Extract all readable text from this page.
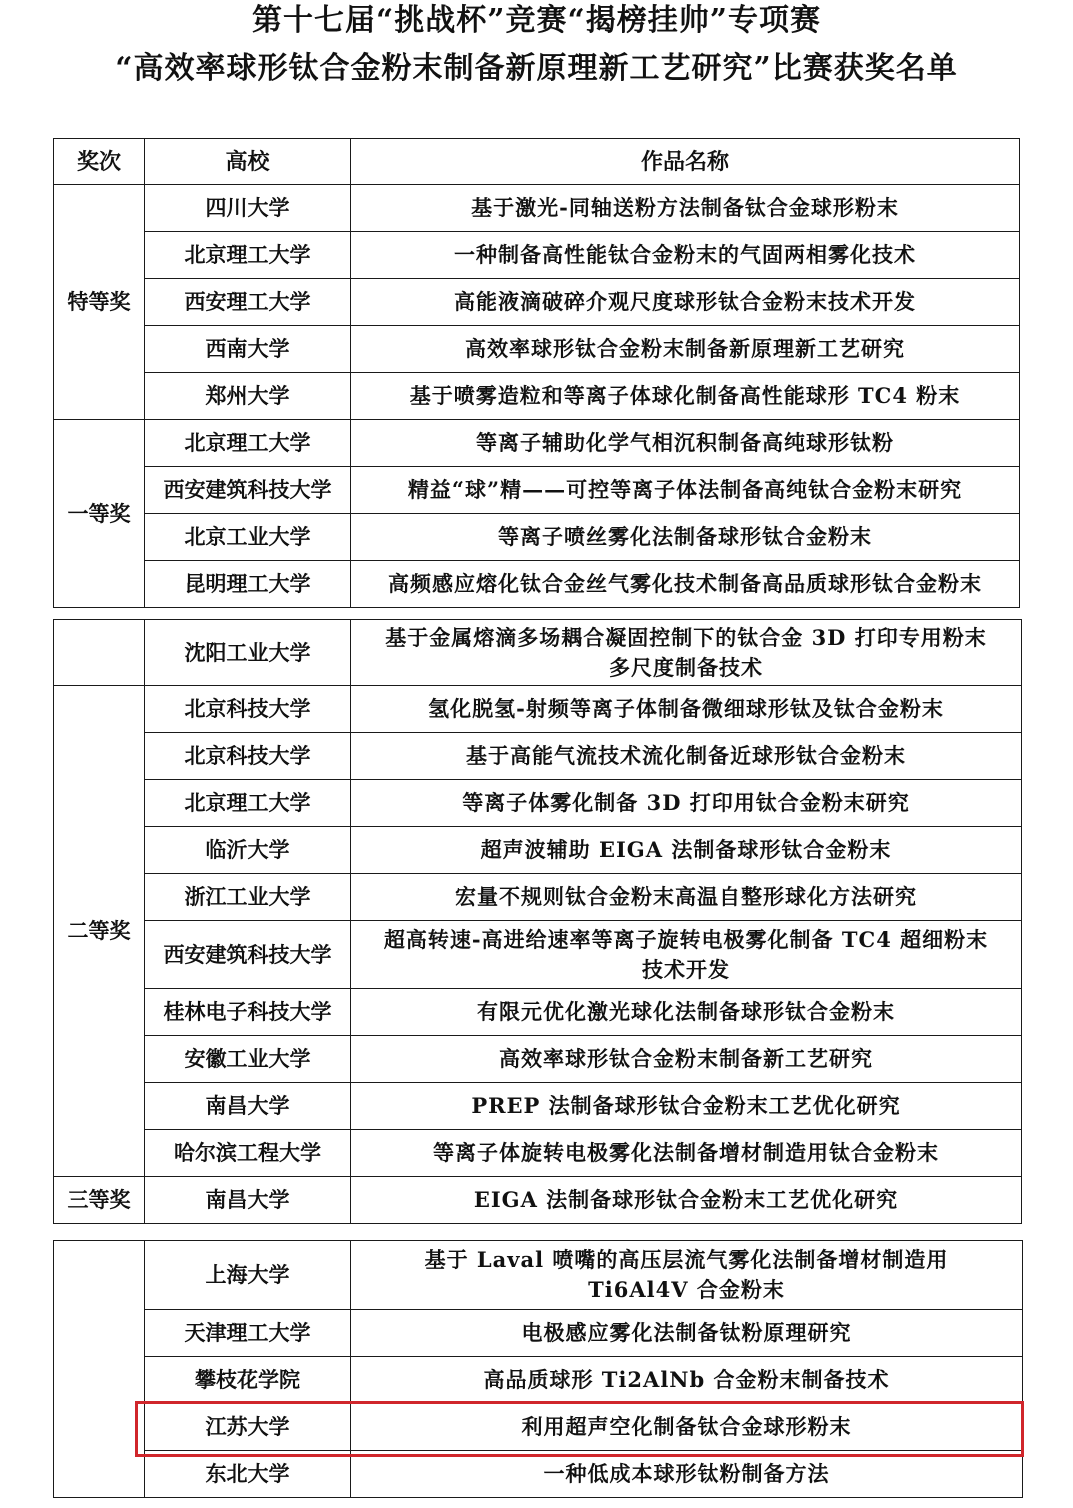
第十七届“挑战杯”竞赛“揭榜挂帅”专项赛
“高效率球形钛合金粉末制备新原理新工艺研究”比赛获奖名单
奖次	高校	作品名称
特等奖	四川大学	基于激光-同轴送粉方法制备钛合金球形粉末
	北京理工大学	一种制备高性能钛合金粉末的气固两相雾化技术
	西安理工大学	高能液滴破碎介观尺度球形钛合金粉末技术开发
	西南大学	高效率球形钛合金粉末制备新原理新工艺研究
	郑州大学	基于喷雾造粒和等离子体球化制备高性能球形 TC4 粉末
一等奖	北京理工大学	等离子辅助化学气相沉积制备高纯球形钛粉
	西安建筑科技大学	精益“球”精——可控等离子体法制备高纯钛合金粉末研究
	北京工业大学	等离子喷丝雾化法制备球形钛合金粉末
	昆明理工大学	高频感应熔化钛合金丝气雾化技术制备高品质球形钛合金粉末
	沈阳工业大学	基于金属熔滴多场耦合凝固控制下的钛合金 3D 打印专用粉末
多尺度制备技术

二等奖	北京科技大学	氢化脱氢-射频等离子体制备微细球形钛及钛合金粉末
	北京科技大学	基于高能气流技术流化制备近球形钛合金粉末
	北京理工大学	等离子体雾化制备 3D 打印用钛合金粉末研究
	临沂大学	超声波辅助 EIGA 法制备球形钛合金粉末
	浙江工业大学	宏量不规则钛合金粉末高温自整形球化方法研究
	西安建筑科技大学	超高转速-高进给速率等离子旋转电极雾化制备 TC4 超细粉末
技术开发

	桂林电子科技大学	有限元优化激光球化法制备球形钛合金粉末
	安徽工业大学	高效率球形钛合金粉末制备新工艺研究
	南昌大学	PREP 法制备球形钛合金粉末工艺优化研究
	哈尔滨工程大学	等离子体旋转电极雾化法制备增材制造用钛合金粉末
三等奖	南昌大学	EIGA 法制备球形钛合金粉末工艺优化研究
	上海大学	基于 Laval 喷嘴的高压层流气雾化法制备增材制造用
Ti6Al4V 合金粉末

	天津理工大学	电极感应雾化法制备钛粉原理研究
	攀枝花学院	高品质球形 Ti2AlNb 合金粉末制备技术
	江苏大学	利用超声空化制备钛合金球形粉末
	东北大学	一种低成本球形钛粉制备方法
